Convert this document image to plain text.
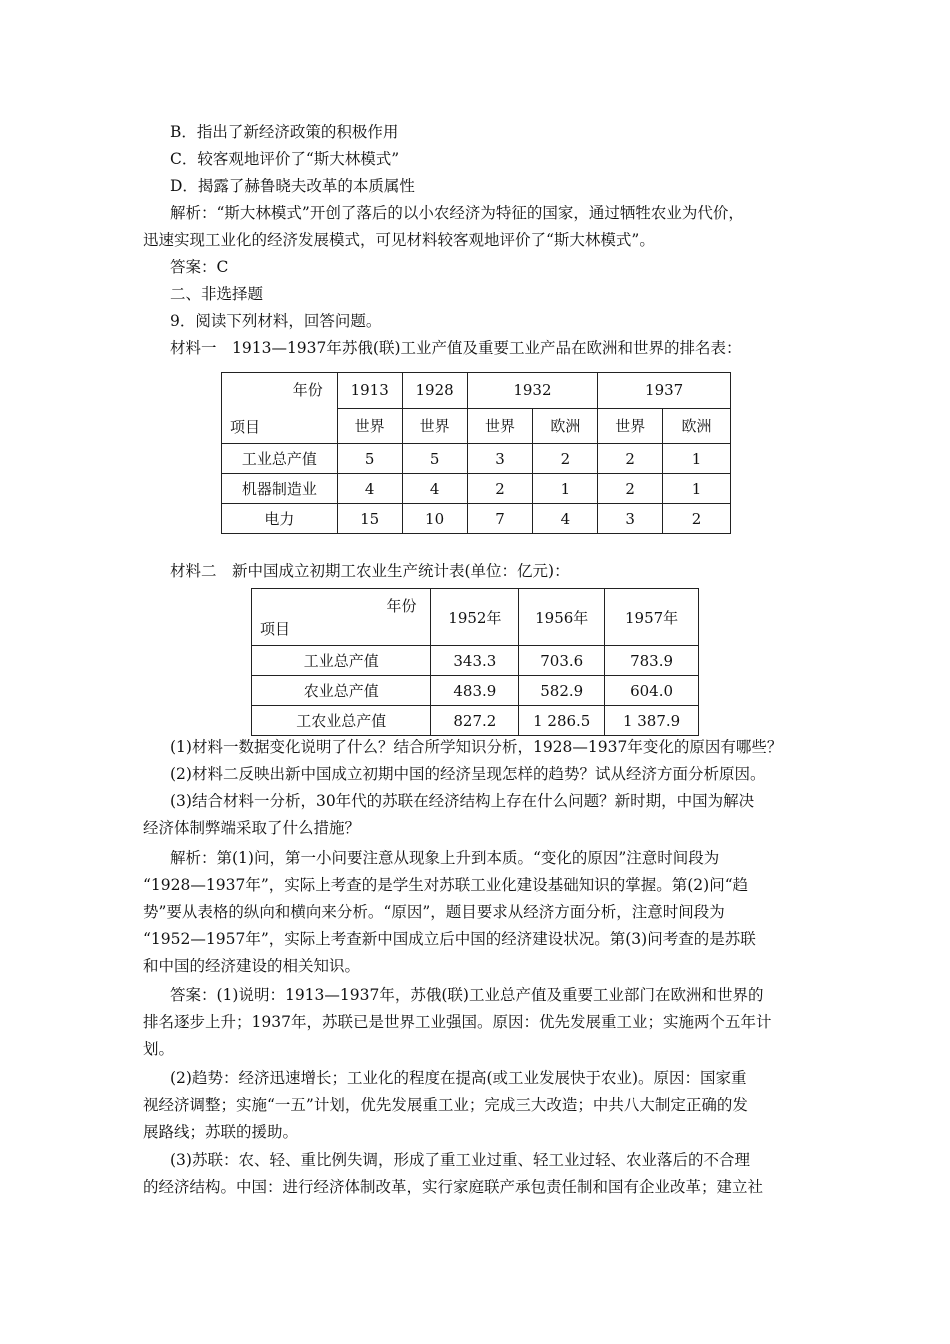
B．指出了新经济政策的积极作用
C．较客观地评价了“斯大林模式”
D．揭露了赫鲁晓夫改革的本质属性
解析：“斯大林模式”开创了落后的以小农经济为特征的国家，通过牺牲农业为代价，
迅速实现工业化的经济发展模式，可见材料较客观地评价了“斯大林模式”。
答案：C
二、非选择题
9．阅读下列材料，回答问题。
材料一　1913—1937年苏俄(联)工业产值及重要工业产品在欧洲和世界的排名表：
年份
项目	1913	1928	1932		1937	
	世界	世界	世界	欧洲	世界	欧洲
工业总产值	5	5	3	2	2	1
机器制造业	4	4	2	1	2	1
电力	15	10	7	4	3	2
材料二　新中国成立初期工农业生产统计表(单位：亿元)：
年份
项目	1952年	1956年	1957年
工业总产值	343.3	703.6	783.9
农业总产值	483.9	582.9	604.0
工农业总产值	827.2	1 286.5	1 387.9
(1)材料一数据变化说明了什么？结合所学知识分析，1928—1937年变化的原因有哪些？
(2)材料二反映出新中国成立初期中国的经济呈现怎样的趋势？试从经济方面分析原因。
(3)结合材料一分析，30年代的苏联在经济结构上存在什么问题？新时期，中国为解决
经济体制弊端采取了什么措施？
解析：第(1)问，第一小问要注意从现象上升到本质。“变化的原因”注意时间段为
“1928—1937年”，实际上考查的是学生对苏联工业化建设基础知识的掌握。第(2)问“趋
势”要从表格的纵向和横向来分析。“原因”，题目要求从经济方面分析，注意时间段为
“1952—1957年”，实际上考查新中国成立后中国的经济建设状况。第(3)问考查的是苏联
和中国的经济建设的相关知识。
答案：(1)说明：1913—1937年，苏俄(联)工业总产值及重要工业部门在欧洲和世界的
排名逐步上升；1937年，苏联已是世界工业强国。原因：优先发展重工业；实施两个五年计
划。
(2)趋势：经济迅速增长；工业化的程度在提高(或工业发展快于农业)。原因：国家重
视经济调整；实施“一五”计划，优先发展重工业；完成三大改造；中共八大制定正确的发
展路线；苏联的援助。
(3)苏联：农、轻、重比例失调，形成了重工业过重、轻工业过轻、农业落后的不合理
的经济结构。中国：进行经济体制改革，实行家庭联产承包责任制和国有企业改革；建立社
